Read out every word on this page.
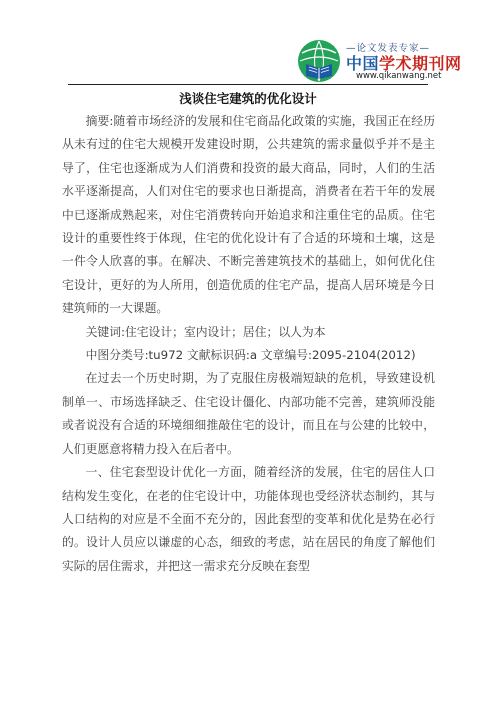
—论文发表专家—
中国学术期刊网
www.qikanwang.net
浅谈住宅建筑的优化设计

摘要:随着市场经济的发展和住宅商品化政策的实施，我国正在经历从未有过的住宅大规模开发建设时期，公共建筑的需求量似乎并不是主导了，住宅也逐渐成为人们消费和投资的最大商品，同时，人们的生活水平逐渐提高，人们对住宅的要求也日渐提高，消费者在若干年的发展中已逐渐成熟起来，对住宅消费转向开始追求和注重住宅的品质。住宅设计的重要性终于体现，住宅的优化设计有了合适的环境和土壤，这是一件令人欣喜的事。在解决、不断完善建筑技术的基础上，如何优化住宅设计，更好的为人所用，创造优质的住宅产品，提高人居环境是今日建筑师的一大课题。

关键词:住宅设计；室内设计；居住；以人为本

中图分类号:tu972 文献标识码:a 文章编号:2095-2104(2012)

在过去一个历史时期，为了克服住房极端短缺的危机，导致建设机制单一、市场选择缺乏、住宅设计僵化、内部功能不完善，建筑师没能或者说没有合适的环境细细推敲住宅的设计，而且在与公建的比较中，人们更愿意将精力投入在后者中。

一、住宅套型设计优化一方面，随着经济的发展，住宅的居住人口结构发生变化，在老的住宅设计中，功能体现也受经济状态制约，其与人口结构的对应是不全面不充分的，因此套型的变革和优化是势在必行的。设计人员应以谦虚的心态，细致的考虑，站在居民的角度了解他们实际的居住需求，并把这一需求充分反映在套型
